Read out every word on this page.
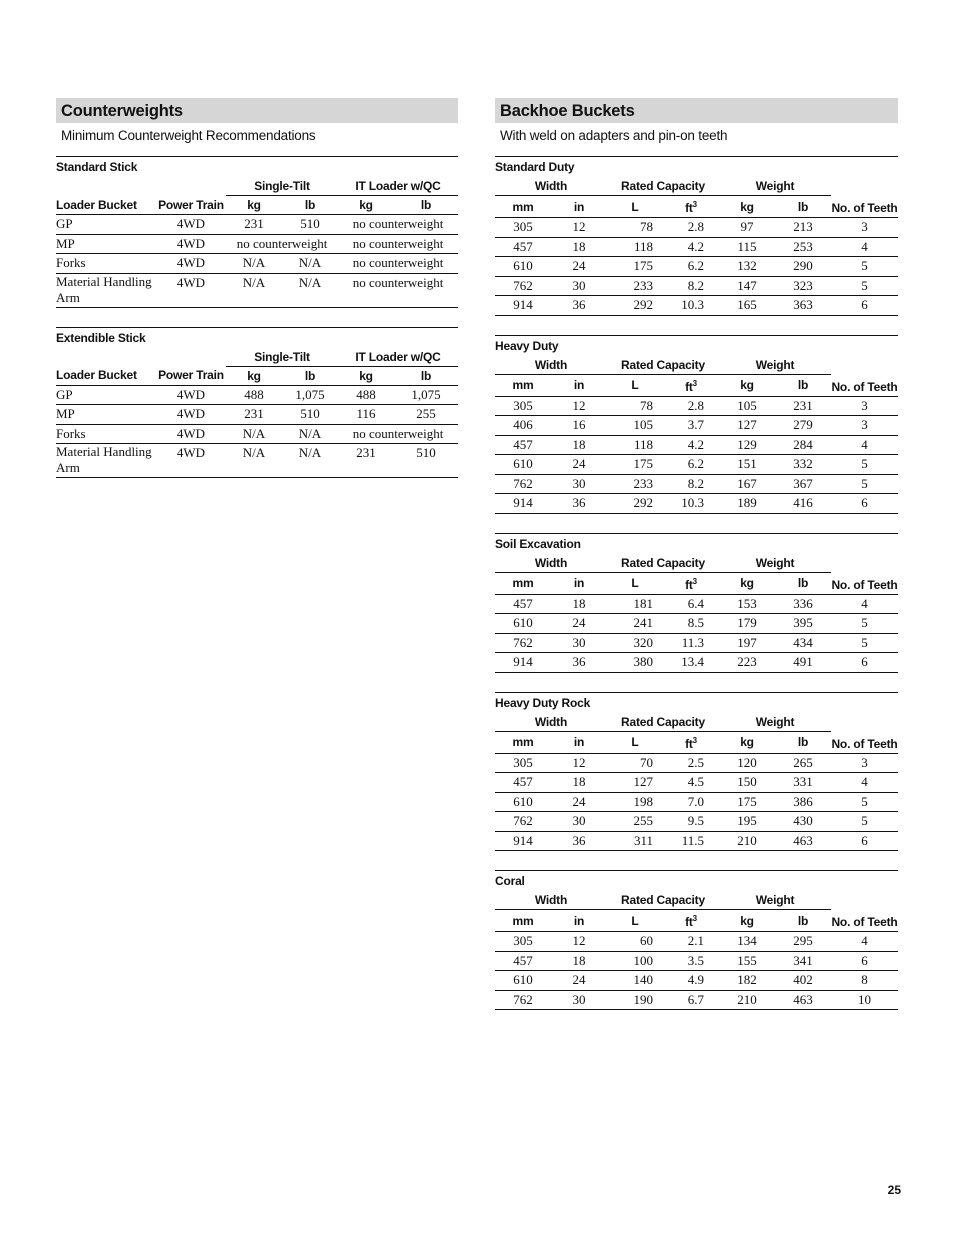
Counterweights
Minimum Counterweight Recommendations
Standard Stick					
		Single-Tilt		IT Loader w/QC	
Loader Bucket	Power Train	kg	lb	kg	lb
GP	4WD	231	510	no counterweight	
MP	4WD	no counterweight		no counterweight	
Forks	4WD	N/A	N/A	no counterweight	
Material Handling Arm	4WD	N/A	N/A	no counterweight	
Extendible Stick					
		Single-Tilt		IT Loader w/QC	
Loader Bucket	Power Train	kg	lb	kg	lb
GP	4WD	488	1,075	488	1,075
MP	4WD	231	510	116	255
Forks	4WD	N/A	N/A	no counterweight	
Material Handling Arm	4WD	N/A	N/A	231	510
Backhoe Buckets
With weld on adapters and pin-on teeth
Standard Duty						
Width		Rated Capacity		Weight		No. of Teeth
mm	in	L	$ft^3$	kg	lb	
305	12	78	2.8	97	213	3
457	18	118	4.2	115	253	4
610	24	175	6.2	132	290	5
762	30	233	8.2	147	323	5
914	36	292	10.3	165	363	6
Heavy Duty						
Width		Rated Capacity		Weight		No. of Teeth
mm	in	L	$ft^3$	kg	lb	
305	12	78	2.8	105	231	3
406	16	105	3.7	127	279	3
457	18	118	4.2	129	284	4
610	24	175	6.2	151	332	5
762	30	233	8.2	167	367	5
914	36	292	10.3	189	416	6
Soil Excavation						
Width		Rated Capacity		Weight		No. of Teeth
mm	in	L	$ft^3$	kg	lb	
457	18	181	6.4	153	336	4
610	24	241	8.5	179	395	5
762	30	320	11.3	197	434	5
914	36	380	13.4	223	491	6
Heavy Duty Rock						
Width		Rated Capacity		Weight		No. of Teeth
mm	in	L	$ft^3$	kg	lb	
305	12	70	2.5	120	265	3
457	18	127	4.5	150	331	4
610	24	198	7.0	175	386	5
762	30	255	9.5	195	430	5
914	36	311	11.5	210	463	6
Coral						
Width		Rated Capacity		Weight		No. of Teeth
mm	in	L	$ft^3$	kg	lb	
305	12	60	2.1	134	295	4
457	18	100	3.5	155	341	6
610	24	140	4.9	182	402	8
762	30	190	6.7	210	463	10
25
